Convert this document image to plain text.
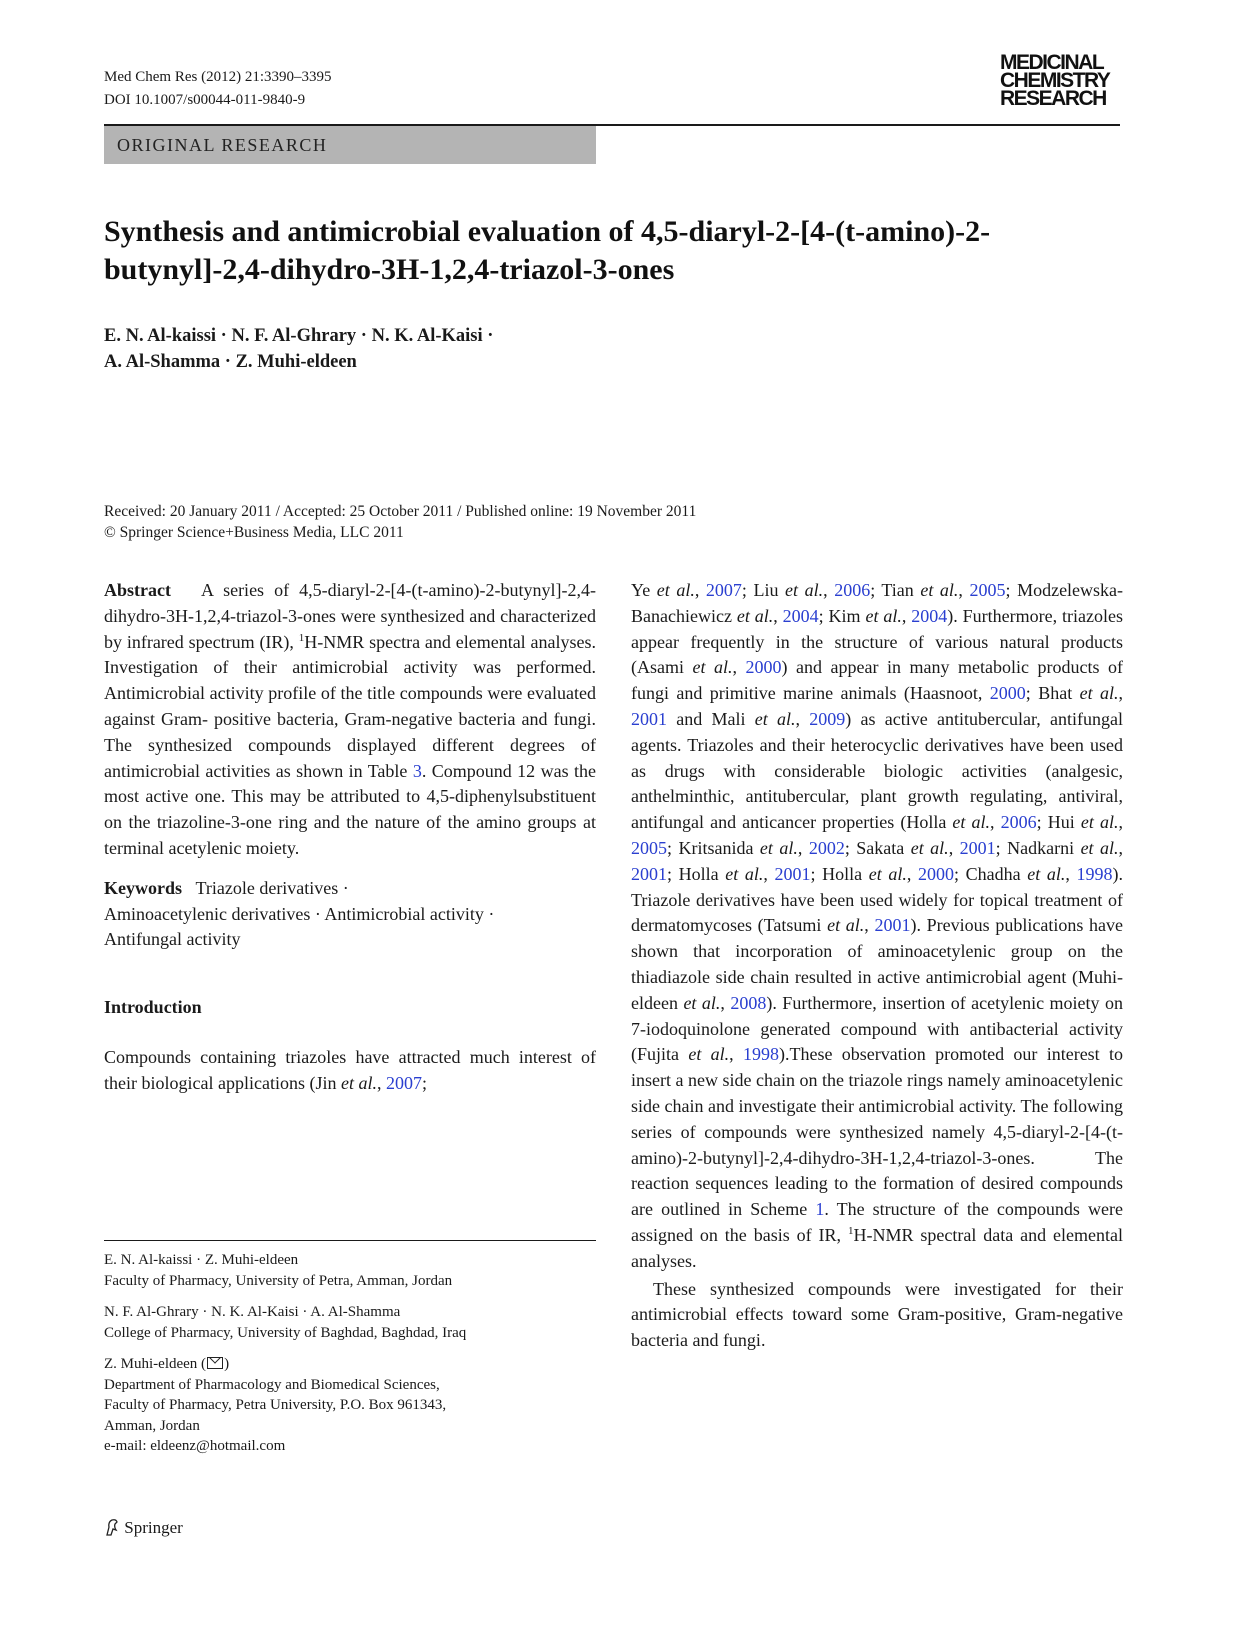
Med Chem Res (2012) 21:3390–3395
DOI 10.1007/s00044-011-9840-9
MEDICINAL
CHEMISTRY
RESEARCH
ORIGINAL RESEARCH
Synthesis and antimicrobial evaluation of 4,5-diaryl-2-[4-(t-amino)-2-butynyl]-2,4-dihydro-3H-1,2,4-triazol-3-ones
E. N. Al-kaissi · N. F. Al-Ghrary · N. K. Al-Kaisi ·
A. Al-Shamma · Z. Muhi-eldeen
Received: 20 January 2011 / Accepted: 25 October 2011 / Published online: 19 November 2011
© Springer Science+Business Media, LLC 2011

Abstract A series of 4,5-diaryl-2-[4-(t-amino)-2-butynyl]-2,4-dihydro-3H-1,2,4-triazol-3-ones were synthesized and characterized by infrared spectrum (IR), $^1$H-NMR spectra and elemental analyses. Investigation of their antimicrobial activity was performed. Antimicrobial activity profile of the title compounds were evaluated against Gram- positive bacteria, Gram-negative bacteria and fungi. The synthesized compounds displayed different degrees of antimicrobial activities as shown in Table 3. Compound 12 was the most active one. This may be attributed to 4,5-diphenylsubstituent on the triazoline-3-one ring and the nature of the amino groups at terminal acetylenic moiety.

Keywords Triazole derivatives ·
Aminoacetylenic derivatives · Antimicrobial activity ·
Antifungal activity

Introduction

Compounds containing triazoles have attracted much interest of their biological applications (Jin et al., 2007;

E. N. Al-kaissi · Z. Muhi-eldeen
Faculty of Pharmacy, University of Petra, Amman, Jordan

N. F. Al-Ghrary · N. K. Al-Kaisi · A. Al-Shamma
College of Pharmacy, University of Baghdad, Baghdad, Iraq

Z. Muhi-eldeen ( )
Department of Pharmacology and Biomedical Sciences,
Faculty of Pharmacy, Petra University, P.O. Box 961343,
Amman, Jordan
e-mail: eldeenz@hotmail.com

Ye et al., 2007; Liu et al., 2006; Tian et al., 2005; Modzelewska-Banachiewicz et al., 2004; Kim et al., 2004). Furthermore, triazoles appear frequently in the structure of various natural products (Asami et al., 2000) and appear in many metabolic products of fungi and primitive marine animals (Haasnoot, 2000; Bhat et al., 2001 and Mali et al., 2009) as active antitubercular, antifungal agents. Triazoles and their heterocyclic derivatives have been used as drugs with considerable biologic activities (analgesic, anthelminthic, antitubercular, plant growth regulating, antiviral, antifungal and anticancer properties (Holla et al., 2006; Hui et al., 2005; Kritsanida et al., 2002; Sakata et al., 2001; Nadkarni et al., 2001; Holla et al., 2001; Holla et al., 2000; Chadha et al., 1998). Triazole derivatives have been used widely for topical treatment of dermatomycoses (Tatsumi et al., 2001). Previous publications have shown that incorporation of aminoacetylenic group on the thiadiazole side chain resulted in active antimicrobial agent (Muhi-eldeen et al., 2008). Furthermore, insertion of acetylenic moiety on 7-iodoquinolone generated compound with antibacterial activity (Fujita et al., 1998).These observation promoted our interest to insert a new side chain on the triazole rings namely aminoacetylenic side chain and investigate their antimicrobial activity. The following series of compounds were synthesized namely 4,5-diaryl-2-[4-(t-amino)-2-butynyl]-2,4-dihydro-3H-1,2,4-triazol-3-ones. The reaction sequences leading to the formation of desired compounds are outlined in Scheme 1. The structure of the compounds were assigned on the basis of IR, $^1$H-NMR spectral data and elemental analyses.

These synthesized compounds were investigated for their antimicrobial effects toward some Gram-positive, Gram-negative bacteria and fungi.

Springer
